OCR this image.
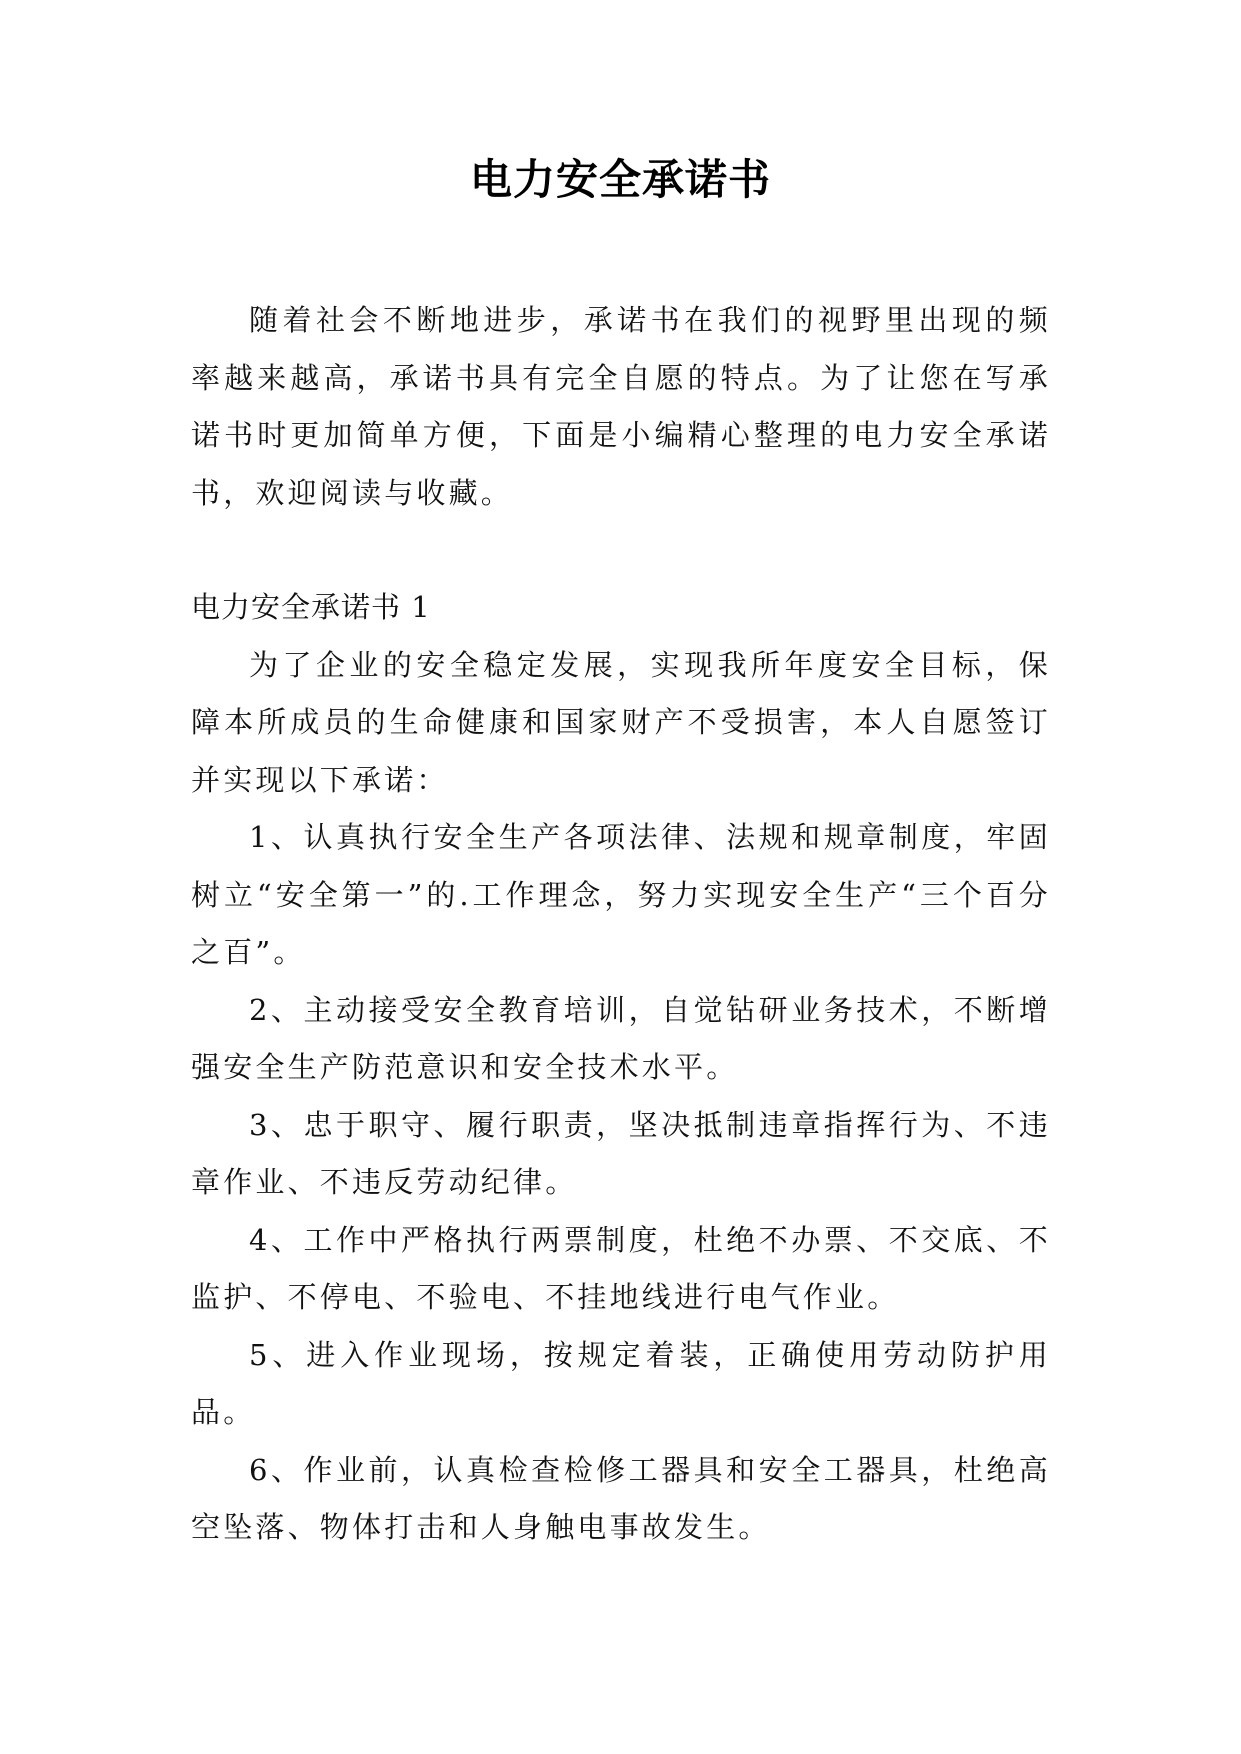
电力安全承诺书

随着社会不断地进步，承诺书在我们的视野里出现的频率越来越高，承诺书具有完全自愿的特点。为了让您在写承诺书时更加简单方便，下面是小编精心整理的电力安全承诺书，欢迎阅读与收藏。

电力安全承诺书 1

为了企业的安全稳定发展，实现我所年度安全目标，保障本所成员的生命健康和国家财产不受损害，本人自愿签订并实现以下承诺：

1、认真执行安全生产各项法律、法规和规章制度，牢固树立“安全第一”的.工作理念，努力实现安全生产“三个百分之百”。

2、主动接受安全教育培训，自觉钻研业务技术，不断增强安全生产防范意识和安全技术水平。

3、忠于职守、履行职责，坚决抵制违章指挥行为、不违章作业、不违反劳动纪律。

4、工作中严格执行两票制度，杜绝不办票、不交底、不监护、不停电、不验电、不挂地线进行电气作业。

5、进入作业现场，按规定着装，正确使用劳动防护用品。

6、作业前，认真检查检修工器具和安全工器具，杜绝高空坠落、物体打击和人身触电事故发生。
